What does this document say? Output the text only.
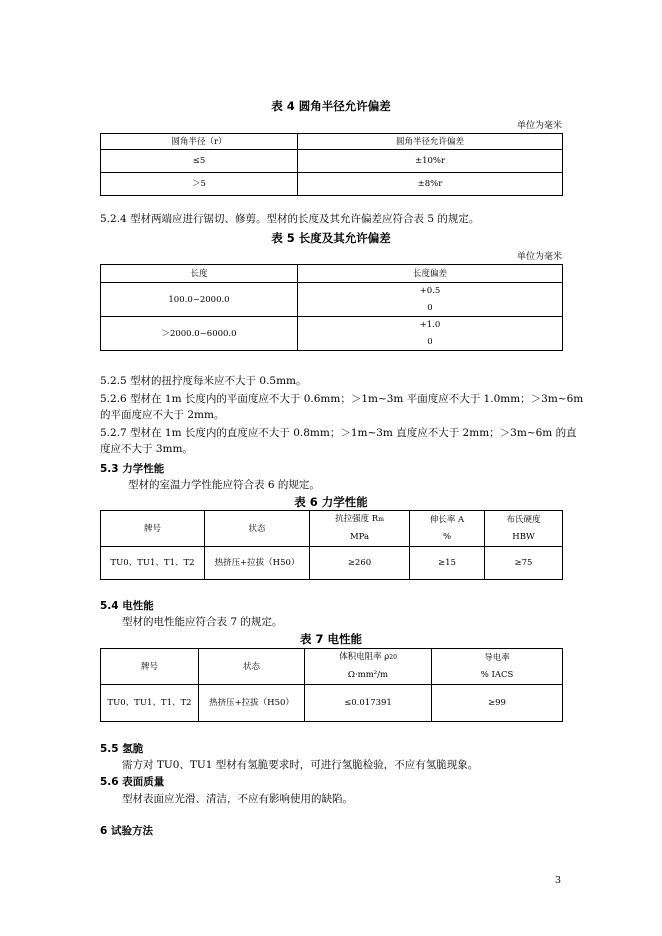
表 4 圆角半径允许偏差
单位为毫米
圆角半径（r）	圆角半径允许偏差
≤5	±10%r
＞5	±8%r
5.2.4 型材两端应进行锯切、修剪。型材的长度及其允许偏差应符合表 5 的规定。
表 5 长度及其允许偏差
单位为毫米
长度	长度偏差
100.0~2000.0	+0.5
	0
＞2000.0~6000.0	+1.0
	0
5.2.5 型材的扭拧度每米应不大于 0.5mm。
5.2.6 型材在 1m 长度内的平面度应不大于 0.6mm；＞1m~3m 平面度应不大于 1.0mm；＞3m~6m
的平面度应不大于 2mm。
5.2.7 型材在 1m 长度内的直度应不大于 0.8mm；＞1m~3m 直度应不大于 2mm；＞3m~6m 的直
度应不大于 3mm。
5.3 力学性能
型材的室温力学性能应符合表 6 的规定。
表 6 力学性能
牌号	状态	抗拉强度 Rm	伸长率 A	布氏硬度
		MPa	%	HBW
TU0、TU1、T1、T2	热挤压+拉拔（H50）	≥260	≥15	≥75
5.4 电性能
型材的电性能应符合表 7 的规定。
表 7 电性能
牌号	状态	体积电阻率 ρ20	导电率
		Ω·mm²/m	% IACS
TU0、TU1、T1、T2	热挤压+拉拔（H50）	≤0.017391	≥99
5.5 氢脆
需方对 TU0、TU1 型材有氢脆要求时，可进行氢脆检验，不应有氢脆现象。
5.6 表面质量
型材表面应光滑、清洁，不应有影响使用的缺陷。
6 试验方法
3
